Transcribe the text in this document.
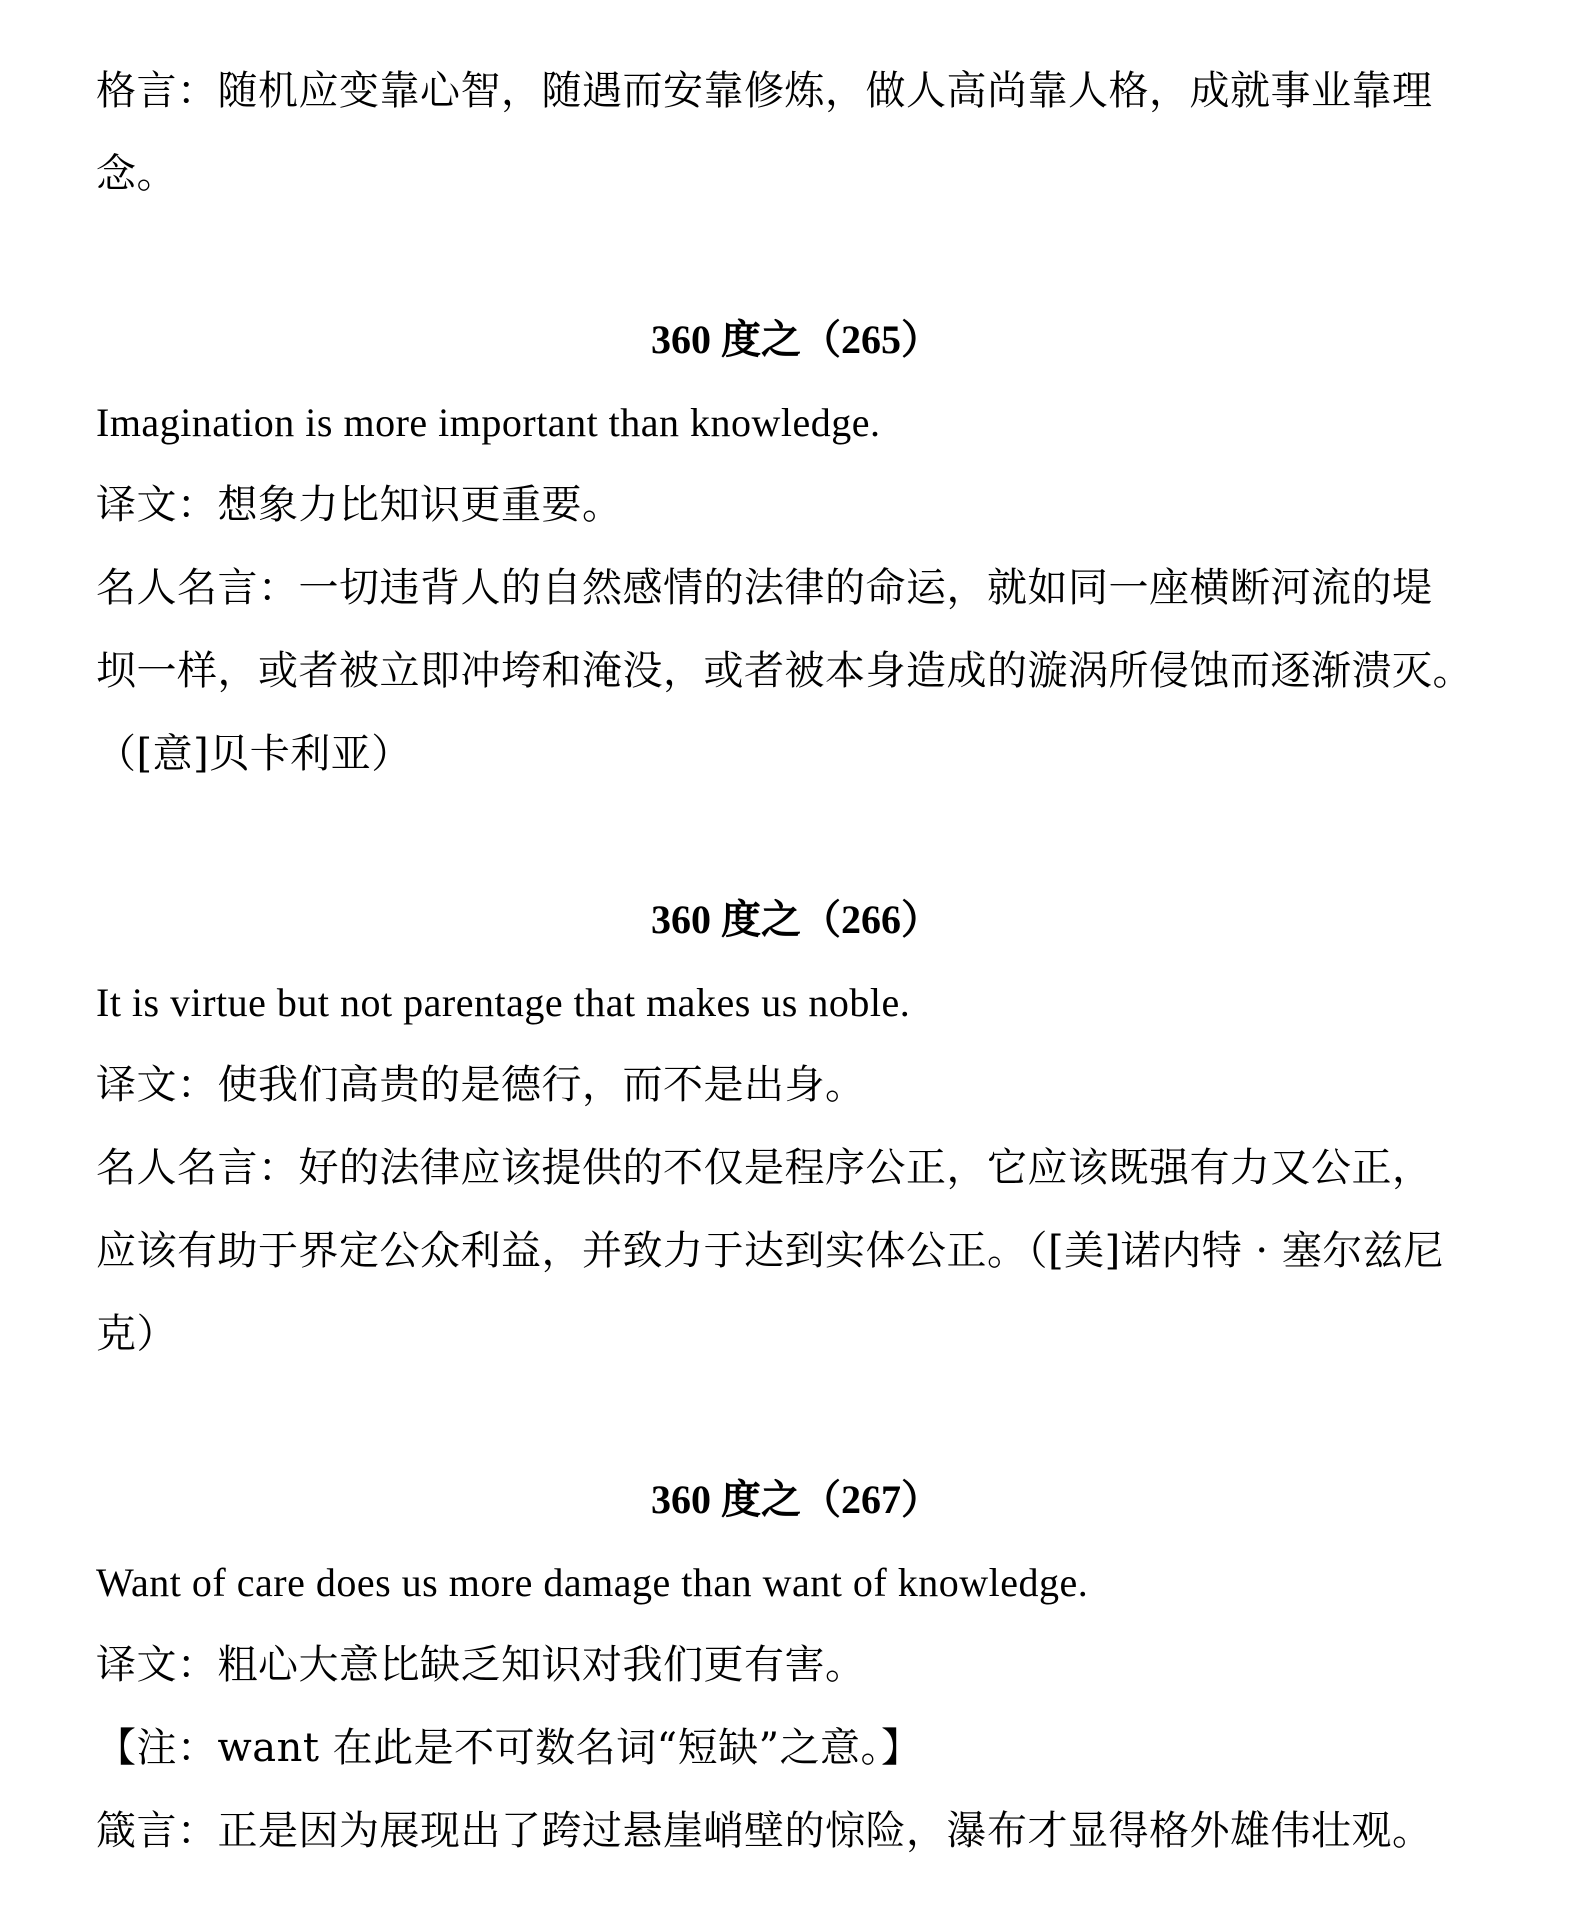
格言：随机应变靠心智，随遇而安靠修炼，做人高尚靠人格，成就事业靠理
念。
360 度之（265）
Imagination is more important than knowledge.
译文：想象力比知识更重要。
名人名言：一切违背人的自然感情的法律的命运，就如同一座横断河流的堤
坝一样，或者被立即冲垮和淹没，或者被本身造成的漩涡所侵蚀而逐渐溃灭。
（[意]贝卡利亚）
360 度之（266）
It is virtue but not parentage that makes us noble.
译文：使我们高贵的是德行，而不是出身。
名人名言：好的法律应该提供的不仅是程序公正，它应该既强有力又公正，
应该有助于界定公众利益，并致力于达到实体公正。（[美]诺内特 · 塞尔兹尼
克）
360 度之（267）
Want of care does us more damage than want of knowledge.
译文：粗心大意比缺乏知识对我们更有害。
【注：want 在此是不可数名词“短缺”之意。】
箴言：正是因为展现出了跨过悬崖峭壁的惊险，瀑布才显得格外雄伟壮观。
